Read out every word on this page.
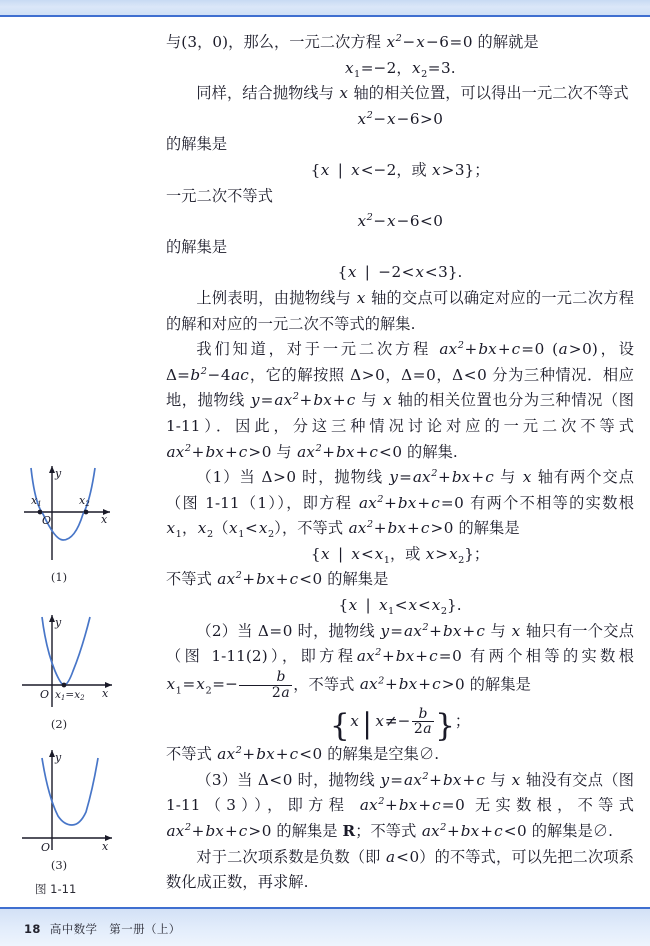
18 高中数学　第一册（上）

与(3，0)，那么，一元二次方程 $x^2-x-6=0$ 的解就是

$x_1=-2$，$x_2=3$.

同样，结合抛物线与 x 轴的相关位置，可以得出一元二次不等式

$x^2-x-6>0$

的解集是

{x | x<−2，或 x>3}；

一元二次不等式

$x^2-x-6<0$

的解集是

{x | −2<x<3}.

上例表明，由抛物线与 x 轴的交点可以确定对应的一元二次方程的解和对应的一元二次不等式的解集.

我们知道，对于一元二次方程 $ax^2+bx+c=0$ (a>0)，设 $\Delta=b^2-4ac$，它的解按照 Δ>0，Δ=0，Δ<0 分为三种情况．相应地，抛物线 $y=ax^2+bx+c$ 与 x 轴的相关位置也分为三种情况（图 1-11）．因此，分这三种情况讨论对应的一元二次不等式 $ax^2+bx+c>0$ 与 $ax^2+bx+c<0$ 的解集.

（1）当 Δ>0 时，抛物线 $y=ax^2+bx+c$ 与 x 轴有两个交点（图 1-11（1）），即方程 $ax^2+bx+c=0$ 有两个不相等的实数根 $x_1$，$x_2(x_1<x_2)$，不等式 $ax^2+bx+c>0$ 的解集是

{x | $x<x_1$，或 $x>x_2$}；

不等式 $ax^2+bx+c<0$ 的解集是

{x | $x_1<x<x_2$}.

（2）当 Δ=0 时，抛物线 $y=ax^2+bx+c$ 与 x 轴只有一个交点（图 1-11(2)），即方程$ax^2+bx+c=0$ 有两个相等的实数根 $x_1=x_2=- \frac{b}{2a}$ ，不等式 $ax^2+bx+c>0$ 的解集是

{x | $x\ne- \frac{b}{2a}$ }；

不等式 $ax^2+bx+c<0$ 的解集是空集∅.

（3）当 Δ<0 时，抛物线 $y=ax^2+bx+c$ 与 x 轴没有交点（图 1-11（3）），即方程 $ax^2+bx+c=0$ 无实数根，不等式 $ax^2+bx+c>0$ 的解集是 R；不等式 $ax^2+bx+c<0$ 的解集是∅.

对于二次项系数是负数（即 a<0）的不等式，可以先把二次项系数化成正数，再求解.

x1	x2
y
x
O
(1)
y
x
O x1=x2
(2)
y
x
O
(3)
图 1-11
